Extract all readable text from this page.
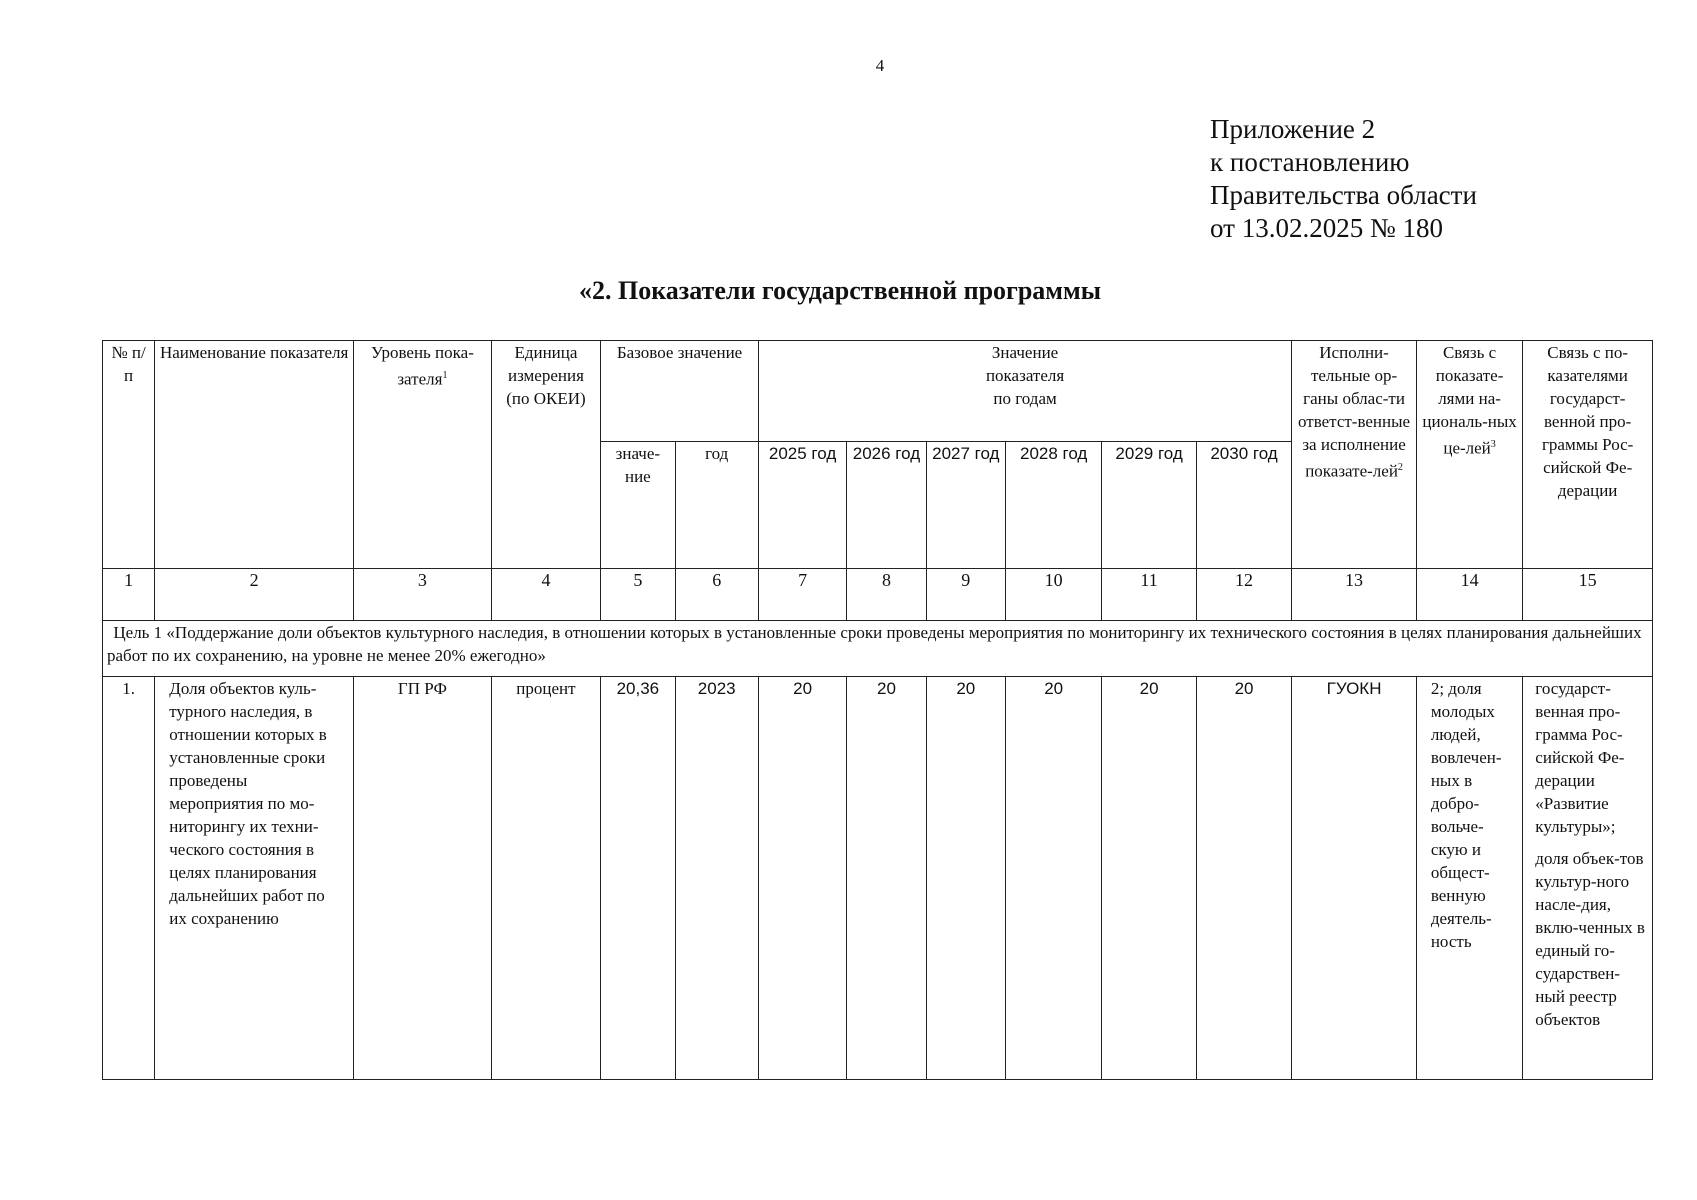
4
Приложение 2
к постановлению
Правительства области
от 13.02.2025 № 180
«2. Показатели государственной программы
№ п/п	Наименование показателя	Уровень пока-зателя$^1$	Единица измерения (по ОКЕИ)	Базовое значение		Значение показателя по годам						Исполни-тельные ор-ганы облас-ти ответст-венные за исполнение показате-лей$^2$	Связь с показате-лями на-циональ-ных це-лей$^3$	Связь с по-казателями государст-венной про-граммы Рос-сийской Фе-дерации
				значе-ние	год	2025 год	2026 год	2027 год	2028 год	2029 год	2030 год			
1	2	3	4	5	6	7	8	9	10	11	12	13	14	15
Цель 1 «Поддержание доли объектов культурного наследия, в отношении которых в установленные сроки проведены мероприятия по мониторингу их технического состояния в целях планирования дальнейших работ по их сохранению, на уровне не менее 20% ежегодно»														
1.	Доля объектов куль-турного наследия, в отношении которых в установленные сроки проведены мероприятия по мо-ниторингу их техни-ческого состояния в целях планирования дальнейших работ по их сохранению	ГП РФ	процент	20,36	2023	20	20	20	20	20	20	ГУОКН	2; доля молодых людей, вовлечен-ных в добро-вольче-скую и общест-венную деятель-ность	государст-венная про-грамма Рос-сийской Фе-дерации «Развитие культуры»;
доля объек-тов культур-ного насле-дия, вклю-ченных в единый го-сударствен-ный реестр объектов
